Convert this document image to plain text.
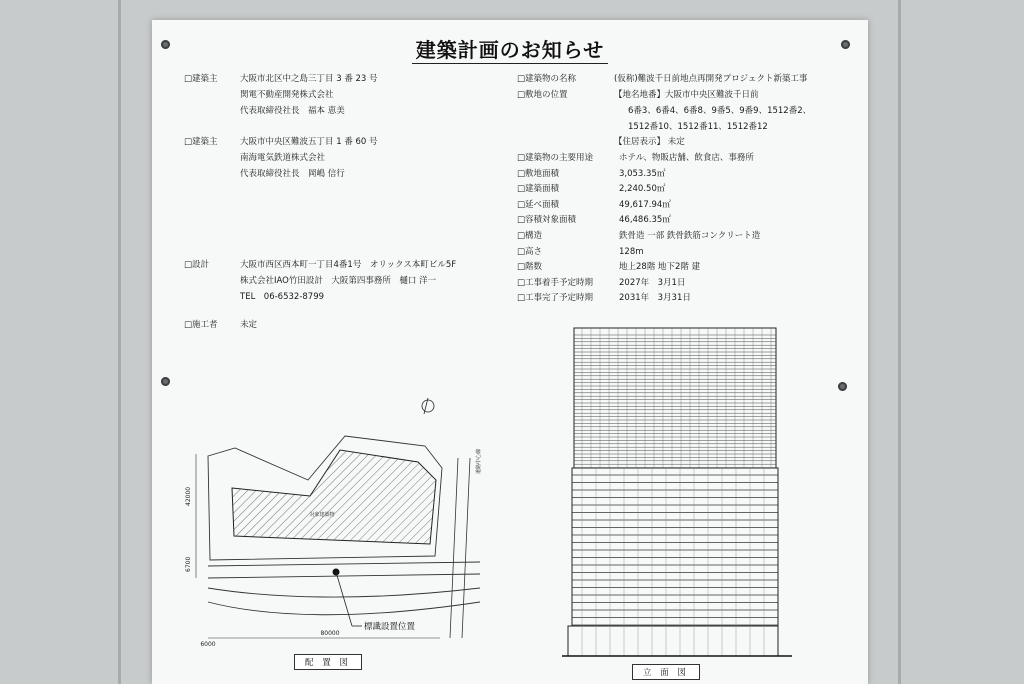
建築計画のお知らせ
□建築主	大阪市北区中之島三丁目 3 番 23 号
関電不動産開発株式会社
代表取締役社長　福本 恵美
□建築主	大阪市中央区難波五丁目 1 番 60 号
南海電気鉄道株式会社
代表取締役社長　岡嶋 信行
□設計	大阪市西区西本町一丁目4番1号　オリックス本町ビル5F
株式会社IAO竹田設計　大阪第四事務所　樋口 洋一
TEL　06-6532-8799
□施工者	未定
□建築物の名称	(仮称)難波千日前地点再開発プロジェクト新築工事
□敷地の位置	【地名地番】大阪市中央区難波千日前
6番3、6番4、6番8、9番5、9番9、1512番2、
1512番10、1512番11、1512番12
【住居表示】 未定
□建築物の主要用途	ホテル、物販店舗、飲食店、事務所
□敷地面積	3,053.35㎡
□建築面積	2,240.50㎡
□延べ面積	49,617.94㎡
□容積対象面積	46,486.35㎡
□構造	鉄骨造 一部 鉄骨鉄筋コンクリート造
□高さ	128m
□階数	地上28階 地下2階 建
□工事着手予定時期	2027年　3月1日
□工事完了予定時期	2031年　3月31日
対象建築物
道路中心線
42000
6700
80000
6000
標識設置位置
配 置 図
立 面 図
